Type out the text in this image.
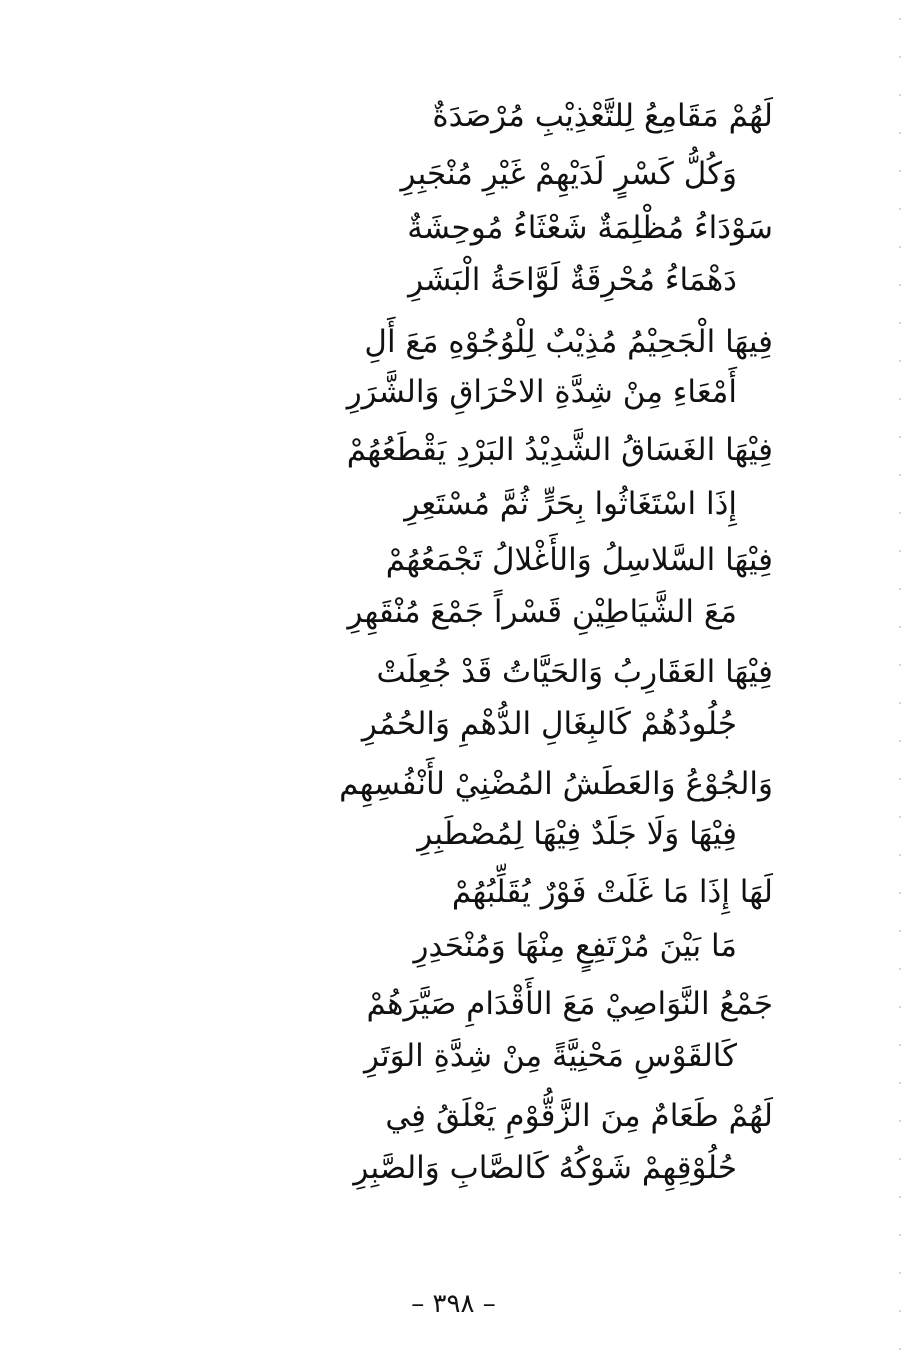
لَهُمْ مَقَامِعُ لِلتَّعْذِيْبِ مُرْصَدَةٌ
وَكُلُّ كَسْرٍ لَدَيْهِمْ غَيْرِ مُنْجَبِرِ
سَوْدَاءُ مُظْلِمَةٌ شَعْثَاءُ مُوحِشَةٌ
دَهْمَاءُ مُحْرِقَةٌ لَوَّاحَةُ الْبَشَرِ
فِيهَا الْجَحِيْمُ مُذِيْبٌ لِلْوُجُوْهِ مَعَ أَلِ
أَمْعَاءِ مِنْ شِدَّةِ الاحْرَاقِ وَالشَّرَرِ
فِيْهَا الغَسَاقُ الشَّدِيْدُ البَرْدِ يَقْطَعُهُمْ
إِذَا اسْتَغَاثُوا بِحَرٍّ ثُمَّ مُسْتَعِرِ
فِيْهَا السَّلاسِلُ وَالأَغْلالُ تَجْمَعُهُمْ
مَعَ الشَّيَاطِيْنِ قَسْراً جَمْعَ مُنْقَهِرِ
فِيْهَا العَقَارِبُ وَالحَيَّاتُ قَدْ جُعِلَتْ
جُلُودُهُمْ كَالبِغَالِ الدُّهْمِ وَالحُمُرِ
وَالجُوْعُ وَالعَطَشُ المُضْنِيْ لأَنْفُسِهِم
فِيْهَا وَلَا جَلَدٌ فِيْهَا لِمُصْطَبِرِ
لَهَا إِذَا مَا غَلَتْ فَوْرٌ يُقَلِّبُهُمْ
مَا بَيْنَ مُرْتَفِعٍ مِنْهَا وَمُنْحَدِرِ
جَمْعُ النَّوَاصِيْ مَعَ الأَقْدَامِ صَيَّرَهُمْ
كَالقَوْسِ مَحْنِيَّةً مِنْ شِدَّةِ الوَتَرِ
لَهُمْ طَعَامٌ مِنَ الزَّقُّوْمِ يَعْلَقُ فِي
حُلُوْقِهِمْ شَوْكُهُ كَالصَّابِ وَالصَّبِرِ
– ٣٩٨ –
